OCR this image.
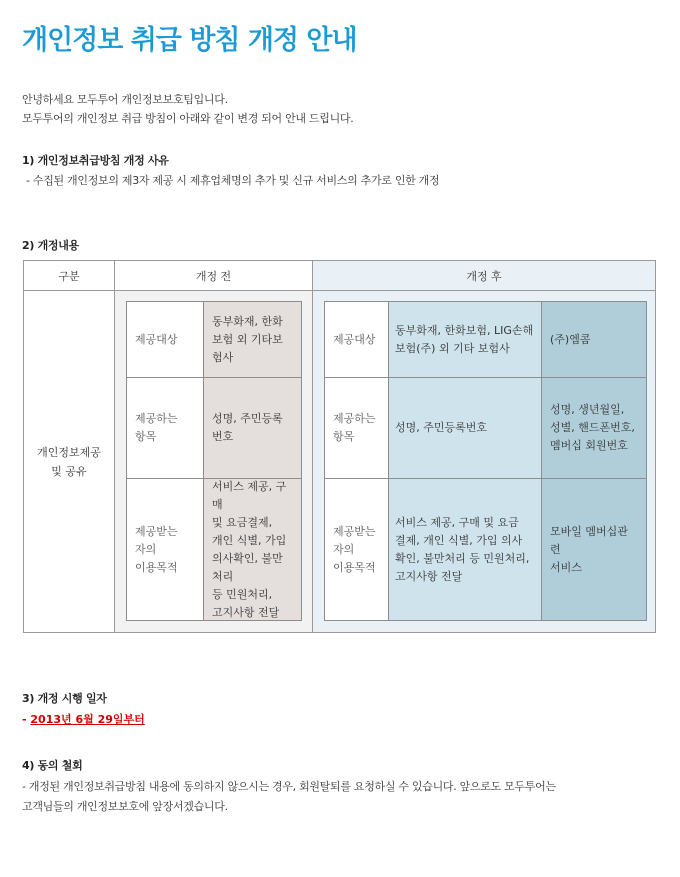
개인정보 취급 방침 개정 안내
안녕하세요 모두투어 개인정보보호팀입니다.
모두투어의 개인정보 취급 방침이 아래와 같이 변경 되어 안내 드립니다.
1) 개인정보취급방침 개정 사유
- 수집된 개인정보의 제3자 제공 시 제휴업체명의 추가 및 신규 서비스의 추가로 인한 개정
2) 개정내용
구분	개정 전	개정 후
개인정보제공
및 공유
제공대상
동부화재, 한화
보험 외 기타보험사
제공하는
항목
성명, 주민등록번호
제공받는
자의
이용목적
서비스 제공, 구매
및 요금결제,
개인 식별, 가입
의사확인, 불만처리
등 민원처리,
고지사항 전달
제공대상
동부화재, 한화보험, LIG손해
보험(주) 외 기타 보험사
(주)엠콤
제공하는
항목
성명, 주민등록번호
성명, 생년월일,
성별, 핸드폰번호,
멤버십 회원번호
제공받는
자의
이용목적
서비스 제공, 구매 및 요금
결제, 개인 식별, 가입 의사
확인, 불만처리 등 민원처리,
고지사항 전달
모바일 멤버십관련
서비스
3) 개정 시행 일자
- 2013년 6월 29일부터
4) 동의 철회
- 개정된 개인정보취급방침 내용에 동의하지 않으시는 경우, 회원탈퇴를 요청하실 수 있습니다. 앞으로도 모두투어는
고객님들의 개인정보보호에 앞장서겠습니다.
